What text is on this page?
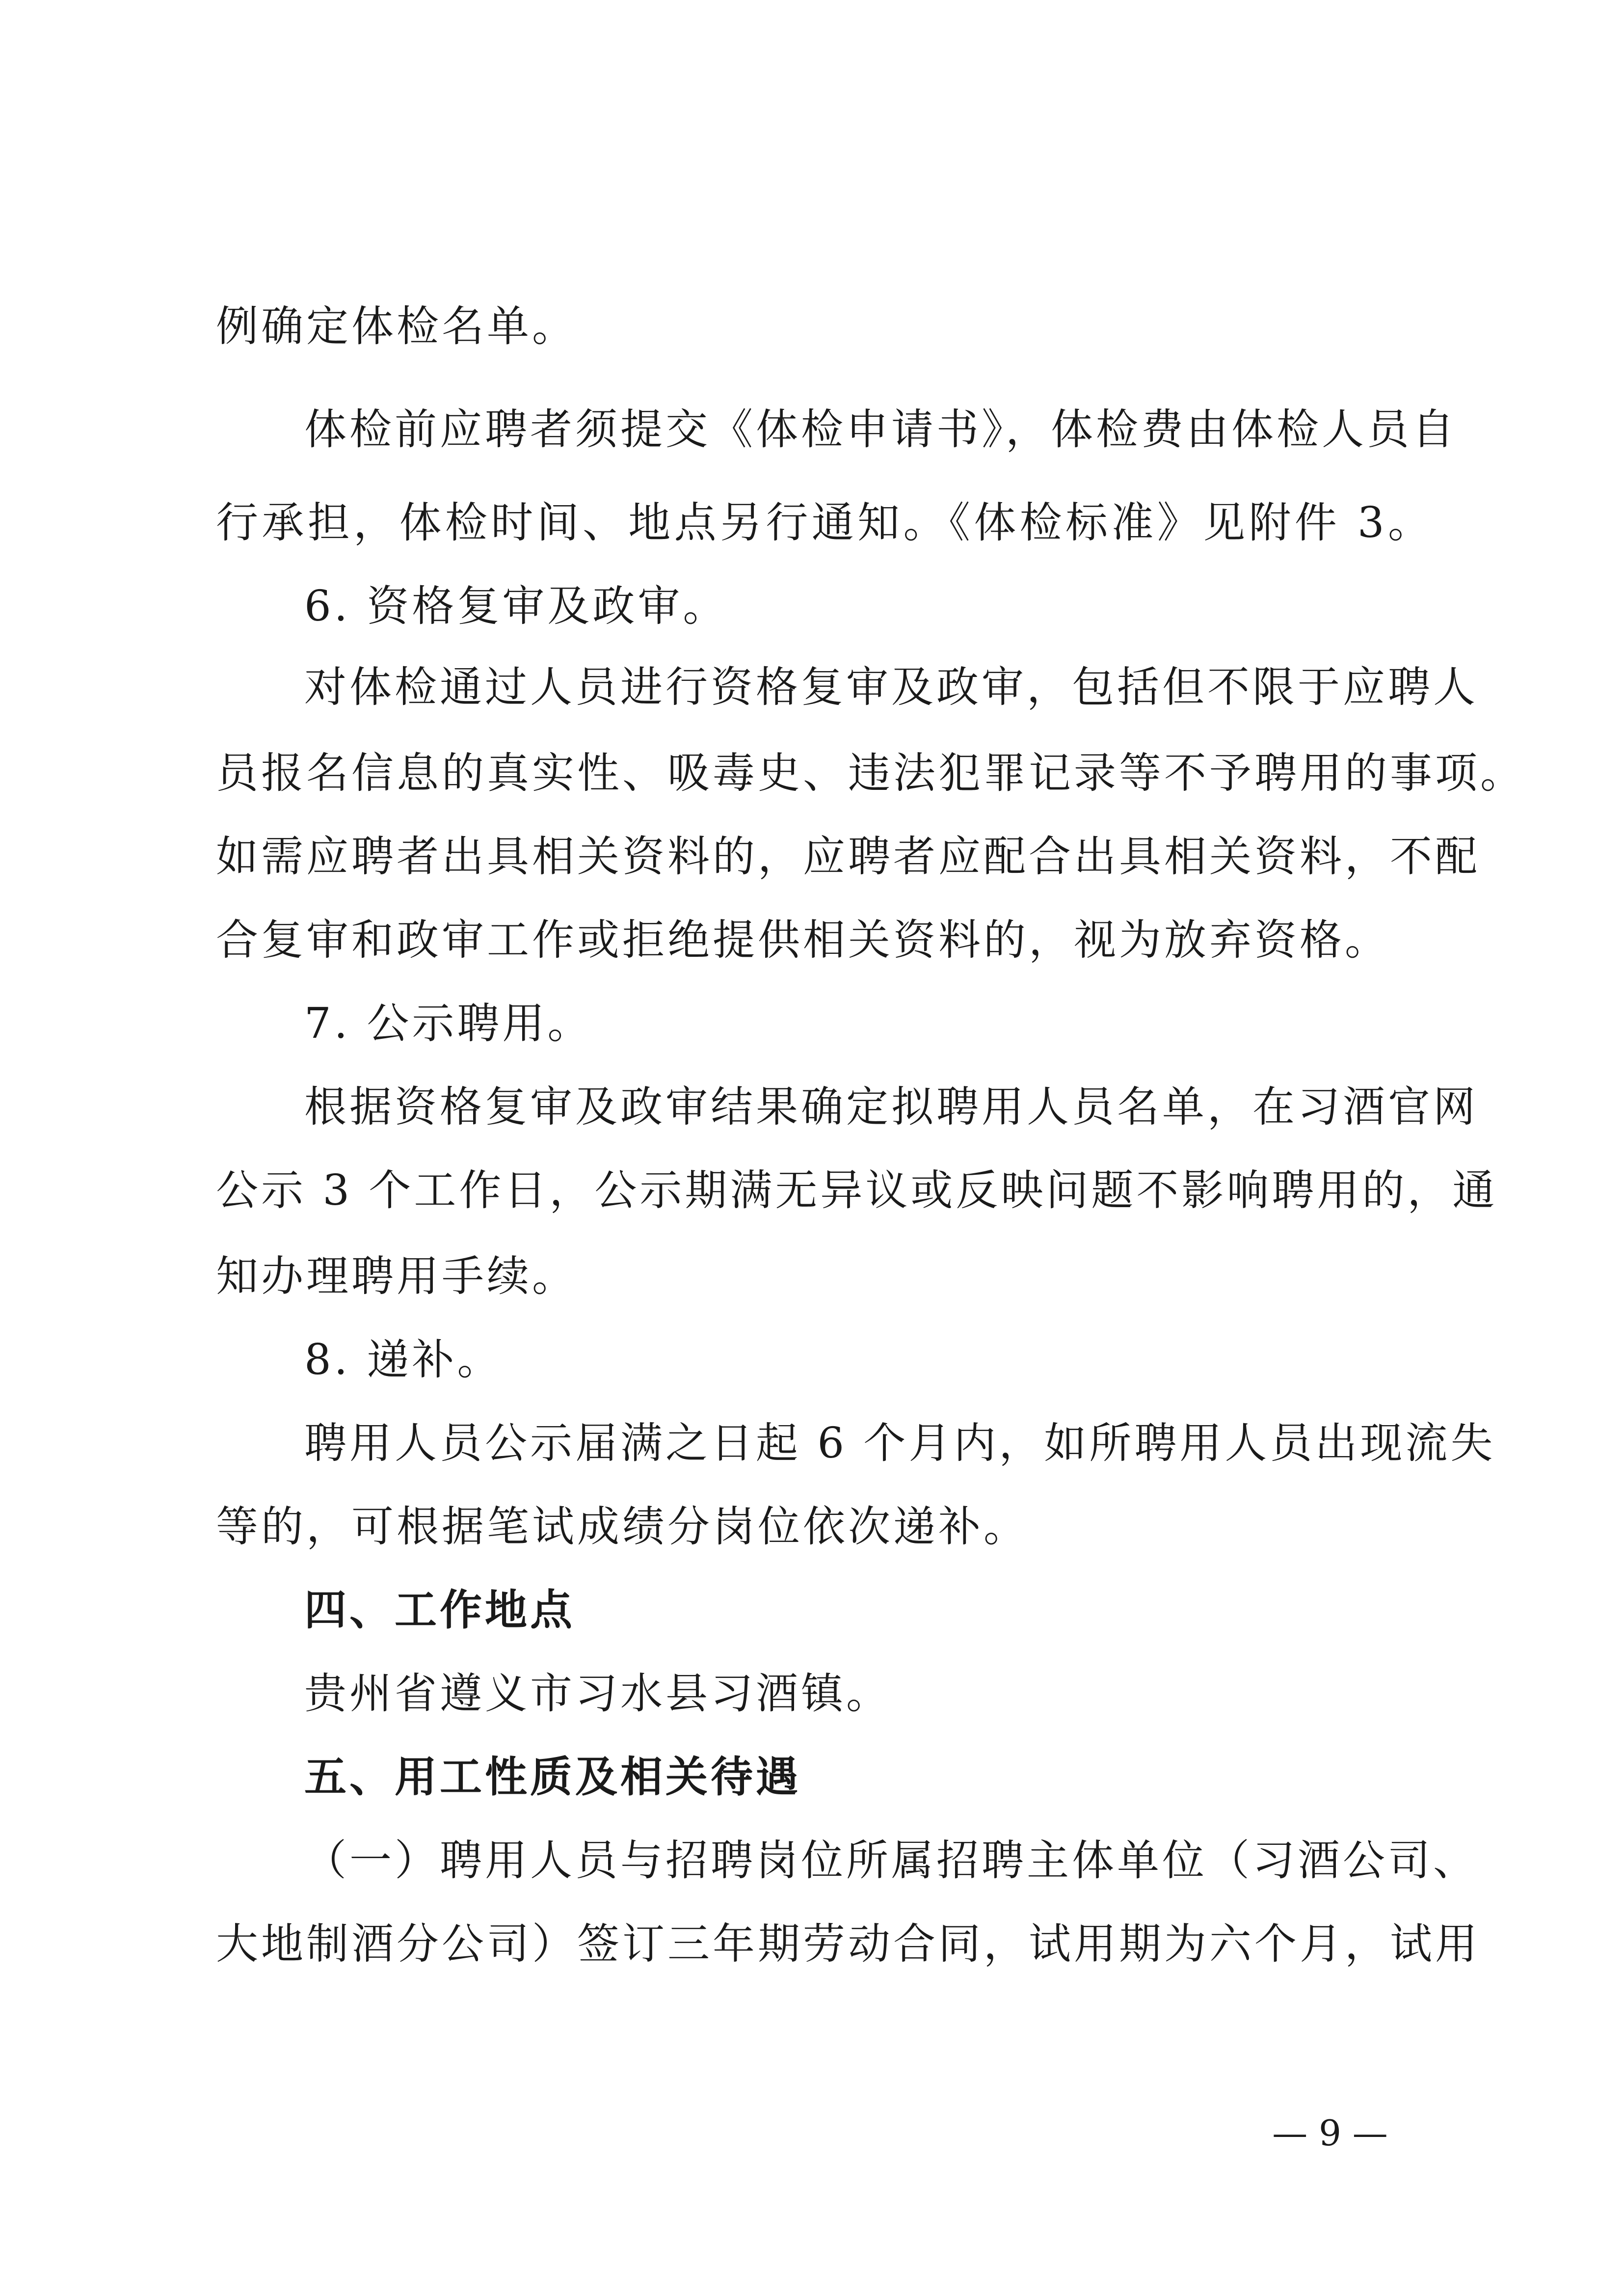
例确定体检名单。
体检前应聘者须提交《体检申请书》，体检费由体检人员自
行承担，体检时间、地点另行通知。《体检标准》见附件 3。
6. 资格复审及政审。
对体检通过人员进行资格复审及政审，包括但不限于应聘人
员报名信息的真实性、吸毒史、违法犯罪记录等不予聘用的事项。
如需应聘者出具相关资料的，应聘者应配合出具相关资料，不配
合复审和政审工作或拒绝提供相关资料的，视为放弃资格。
7. 公示聘用。
根据资格复审及政审结果确定拟聘用人员名单，在习酒官网
公示 3 个工作日，公示期满无异议或反映问题不影响聘用的，通
知办理聘用手续。
8. 递补。
聘用人员公示届满之日起 6 个月内，如所聘用人员出现流失
等的，可根据笔试成绩分岗位依次递补。
四、工作地点
贵州省遵义市习水县习酒镇。
五、用工性质及相关待遇
（一）聘用人员与招聘岗位所属招聘主体单位（习酒公司、
大地制酒分公司）签订三年期劳动合同，试用期为六个月，试用
— 9 —
